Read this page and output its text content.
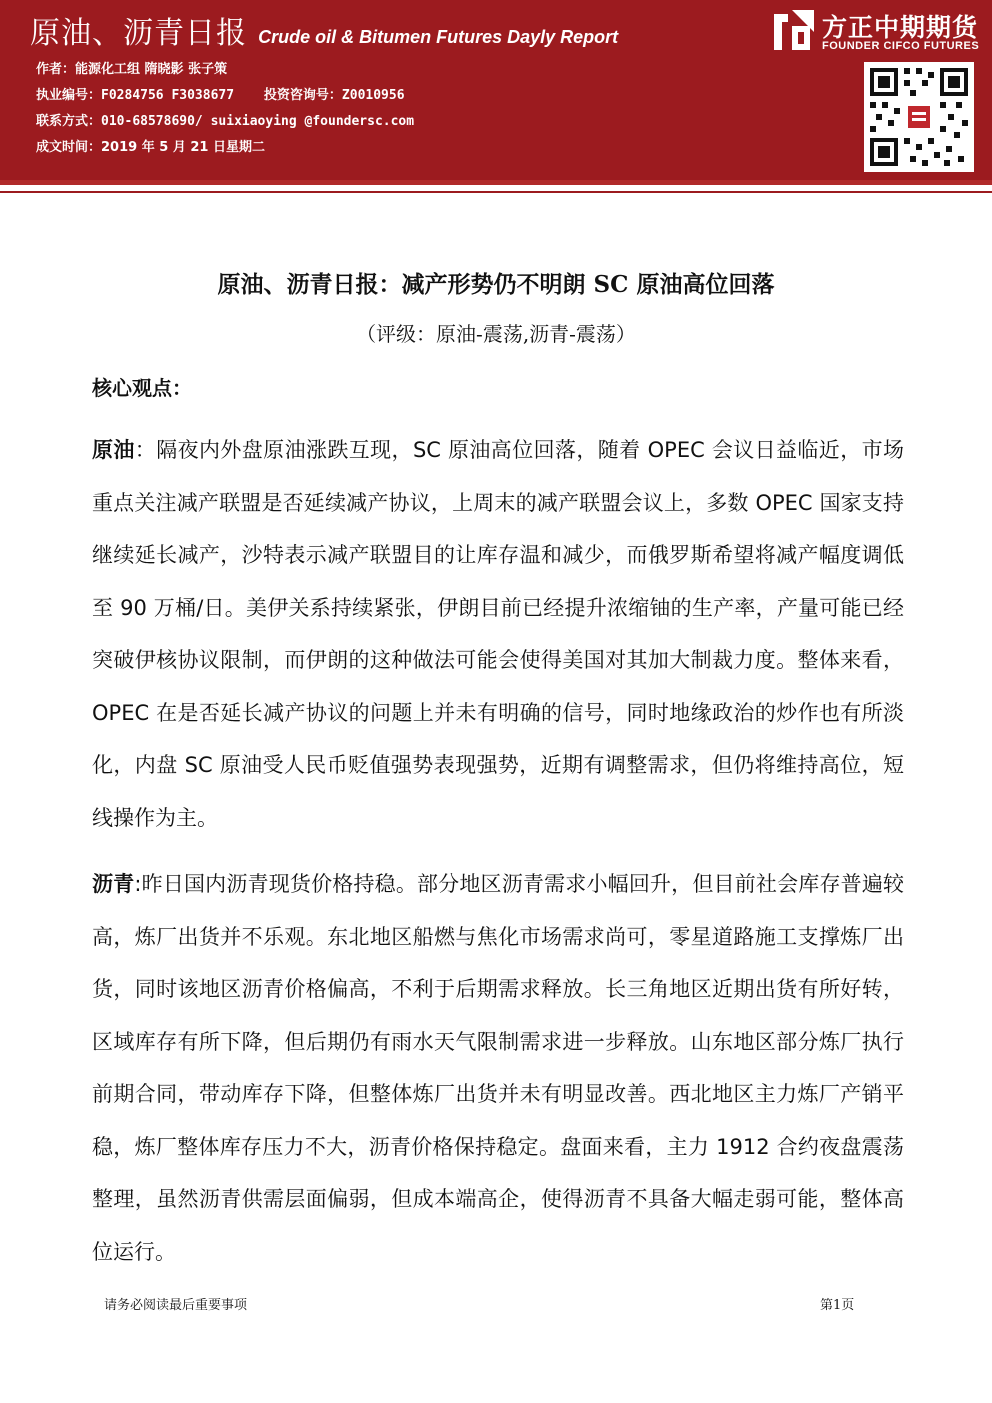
原油、沥青日报 Crude oil & Bitumen Futures Dayly Report
作者：能源化工组 隋晓影 张子策
执业编号：F0284756 F3038677 投资咨询号：Z0010956
联系方式：010-68578690/ suixiaoying @foundersc.com
成文时间：2019 年 5 月 21 日星期二
方正中期期货
FOUNDER CIFCO FUTURES
原油、沥青日报：减产形势仍不明朗 SC 原油高位回落
（评级：原油-震荡,沥青-震荡）
核心观点：
原油：隔夜内外盘原油涨跌互现，SC 原油高位回落，随着 OPEC 会议日益临近，市场重点关注减产联盟是否延续减产协议，上周末的减产联盟会议上，多数 OPEC 国家支持继续延长减产，沙特表示减产联盟目的让库存温和减少，而俄罗斯希望将减产幅度调低至 90 万桶/日。美伊关系持续紧张，伊朗目前已经提升浓缩铀的生产率，产量可能已经突破伊核协议限制，而伊朗的这种做法可能会使得美国对其加大制裁力度。整体来看，OPEC 在是否延长减产协议的问题上并未有明确的信号，同时地缘政治的炒作也有所淡化，内盘 SC 原油受人民币贬值强势表现强势，近期有调整需求，但仍将维持高位，短线操作为主。
沥青:昨日国内沥青现货价格持稳。部分地区沥青需求小幅回升，但目前社会库存普遍较高，炼厂出货并不乐观。东北地区船燃与焦化市场需求尚可，零星道路施工支撑炼厂出货，同时该地区沥青价格偏高，不利于后期需求释放。长三角地区近期出货有所好转，区域库存有所下降，但后期仍有雨水天气限制需求进一步释放。山东地区部分炼厂执行前期合同，带动库存下降，但整体炼厂出货并未有明显改善。西北地区主力炼厂产销平稳，炼厂整体库存压力不大，沥青价格保持稳定。盘面来看，主力 1912 合约夜盘震荡整理，虽然沥青供需层面偏弱，但成本端高企，使得沥青不具备大幅走弱可能，整体高位运行。
请务必阅读最后重要事项	第1页
